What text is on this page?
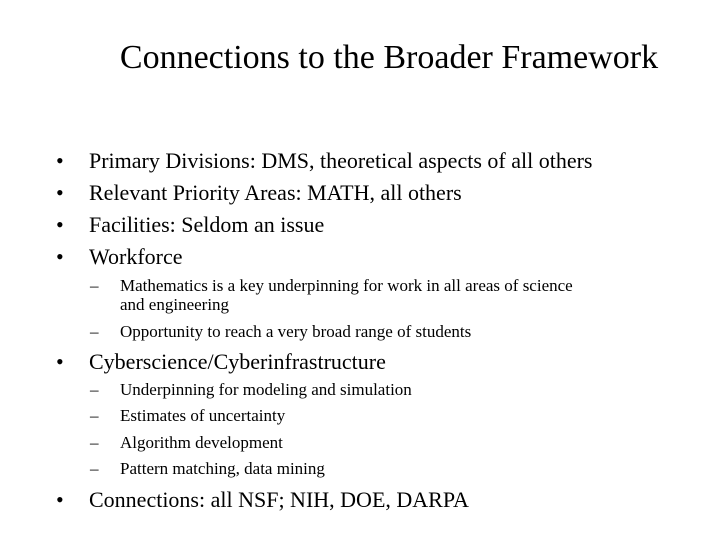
Connections to the Broader Framework
• Primary Divisions: DMS, theoretical aspects of all others
• Relevant Priority Areas: MATH, all others
• Facilities: Seldom an issue
• Workforce
– Mathematics is a key underpinning for work in all areas of science
and engineering
– Opportunity to reach a very broad range of students
• Cyberscience/Cyberinfrastructure
– Underpinning for modeling and simulation
– Estimates of uncertainty
– Algorithm development
– Pattern matching, data mining
• Connections: all NSF; NIH, DOE, DARPA
